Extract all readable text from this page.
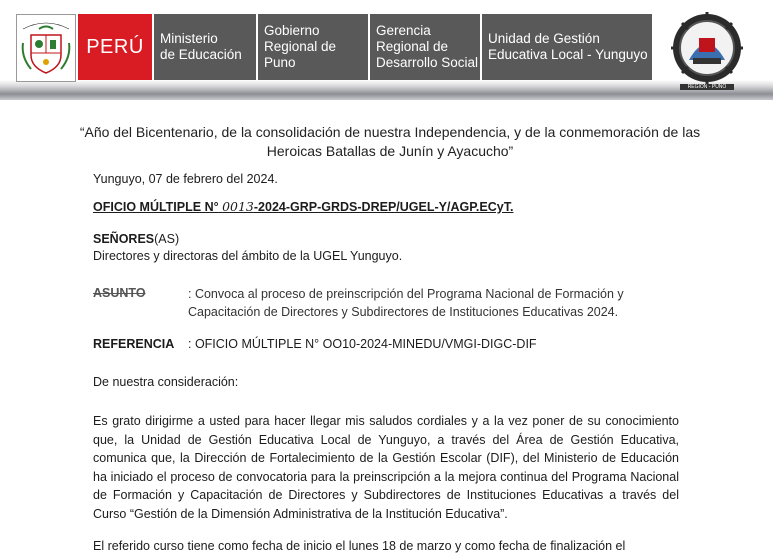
PERÚ Ministerio
de Educación
Gobierno
Regional de Puno
Gerencia
Regional de
Desarrollo Social
Unidad de Gestión
Educativa Local - Yunguyo
REGION - PUNO
“Año del Bicentenario, de la consolidación de nuestra Independencia, y de la conmemoración de las Heroicas Batallas de Junín y Ayacucho”
Yunguyo, 07 de febrero del 2024.
OFICIO MÚLTIPLE N° 0013-2024-GRP-GRDS-DREP/UGEL-Y/AGP.ECyT.
SEÑORES(AS)
Directores y directoras del ámbito de la UGEL Yunguyo.
ASUNTO	: Convoca al proceso de preinscripción del Programa Nacional de Formación y Capacitación de Directores y Subdirectores de Instituciones Educativas 2024.
REFERENCIA : OFICIO MÚLTIPLE N° OO10-2024-MINEDU/VMGI-DIGC-DIF
De nuestra consideración:
Es grato dirigirme a usted para hacer llegar mis saludos cordiales y a la vez poner de su conocimiento que, la Unidad de Gestión Educativa Local de Yunguyo, a través del Área de Gestión Educativa, comunica que, la Dirección de Fortalecimiento de la Gestión Escolar (DIF), del Ministerio de Educación ha iniciado el proceso de convocatoria para la preinscripción a la mejora continua del Programa Nacional de Formación y Capacitación de Directores y Subdirectores de Instituciones Educativas a través del Curso “Gestión de la Dimensión Administrativa de la Institución Educativa”.
El referido curso tiene como fecha de inicio el lunes 18 de marzo y como fecha de finalización el
